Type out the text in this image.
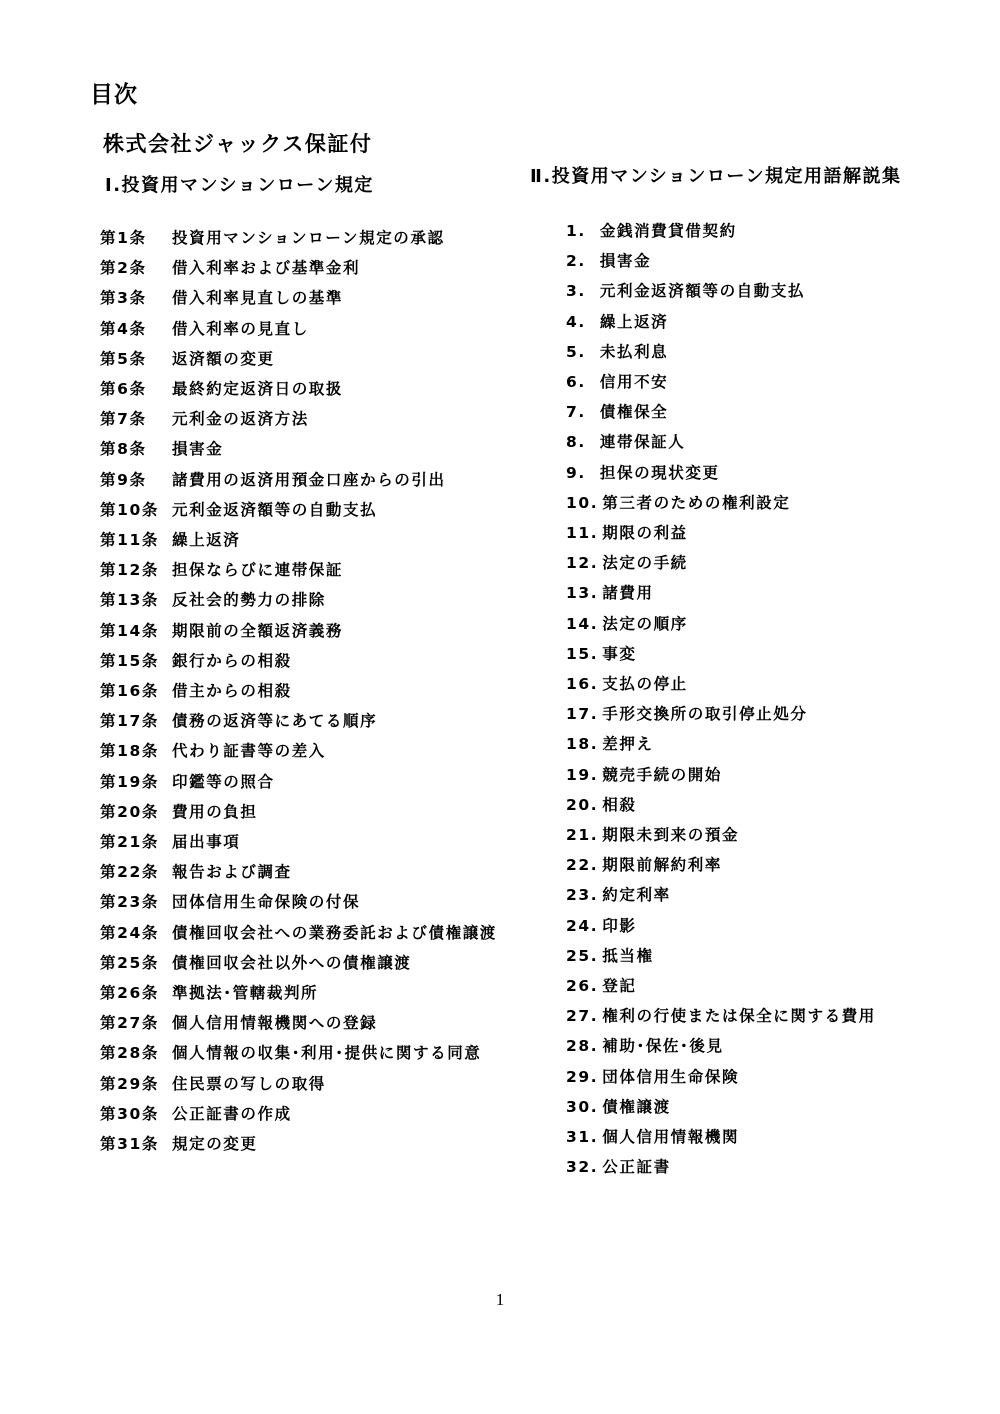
目次
株式会社ジャックス保証付
Ⅰ.投資用マンションローン規定	Ⅱ.投資用マンションローン規定用語解説集
第1条	投資用マンションローン規定の承認
第2条	借入利率および基準金利
第3条	借入利率見直しの基準
第4条	借入利率の見直し
第5条	返済額の変更
第6条	最終約定返済日の取扱
第7条	元利金の返済方法
第8条	損害金
第9条	諸費用の返済用預金口座からの引出
第10条 元利金返済額等の自動支払
第11条 繰上返済
第12条 担保ならびに連帯保証
第13条 反社会的勢力の排除
第14条 期限前の全額返済義務
第15条 銀行からの相殺
第16条 借主からの相殺
第17条 債務の返済等にあてる順序
第18条 代わり証書等の差入
第19条 印鑑等の照合
第20条 費用の負担
第21条 届出事項
第22条 報告および調査
第23条 団体信用生命保険の付保
第24条 債権回収会社への業務委託および債権譲渡
第25条 債権回収会社以外への債権譲渡
第26条 準拠法･管轄裁判所
第27条 個人信用情報機関への登録
第28条 個人情報の収集･利用･提供に関する同意
第29条 住民票の写しの取得
第30条 公正証書の作成
第31条 規定の変更
1. 金銭消費貸借契約
2. 損害金
3. 元利金返済額等の自動支払
4. 繰上返済
5. 未払利息
6. 信用不安
7. 債権保全
8. 連帯保証人
9. 担保の現状変更
10. 第三者のための権利設定
11. 期限の利益
12. 法定の手続
13. 諸費用
14. 法定の順序
15. 事変
16. 支払の停止
17. 手形交換所の取引停止処分
18. 差押え
19. 競売手続の開始
20. 相殺
21. 期限未到来の預金
22. 期限前解約利率
23. 約定利率
24. 印影
25. 抵当権
26. 登記
27. 権利の行使または保全に関する費用
28. 補助･保佐･後見
29. 団体信用生命保険
30. 債権譲渡
31. 個人信用情報機関
32. 公正証書
1
